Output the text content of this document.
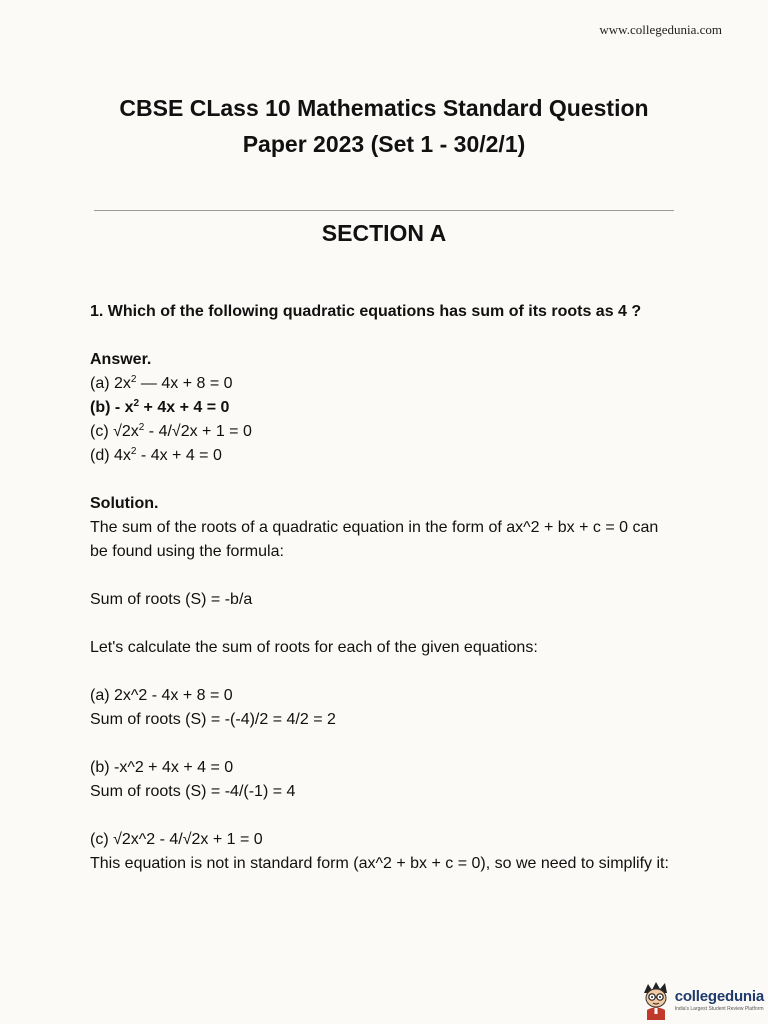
www.collegedunia.com
CBSE CLass 10 Mathematics Standard Question
Paper 2023 (Set 1 - 30/2/1)
SECTION A

1. Which of the following quadratic equations has sum of its roots as 4 ?

Answer.

(a) $2x^2$ — 4x + 8 = 0

$(b) - x^2 + 4x + 4 = 0$

(c) $√2x^2 - 4/√2x + 1 = 0$

(d) $4x^2 - 4x + 4 = 0$

Solution.

The sum of the roots of a quadratic equation in the form of ax^2 + bx + c = 0 can be found using the formula:

Sum of roots (S) = -b/a

Let's calculate the sum of roots for each of the given equations:

(a) 2x^2 - 4x + 8 = 0

Sum of roots (S) = -(-4)/2 = 4/2 = 2

(b) -x^2 + 4x + 4 = 0

Sum of roots (S) = -4/(-1) = 4

(c) √2x^2 - 4/√2x + 1 = 0

This equation is not in standard form (ax^2 + bx + c = 0), so we need to simplify it:

collegedunia
India's Largest Student Review Platform
